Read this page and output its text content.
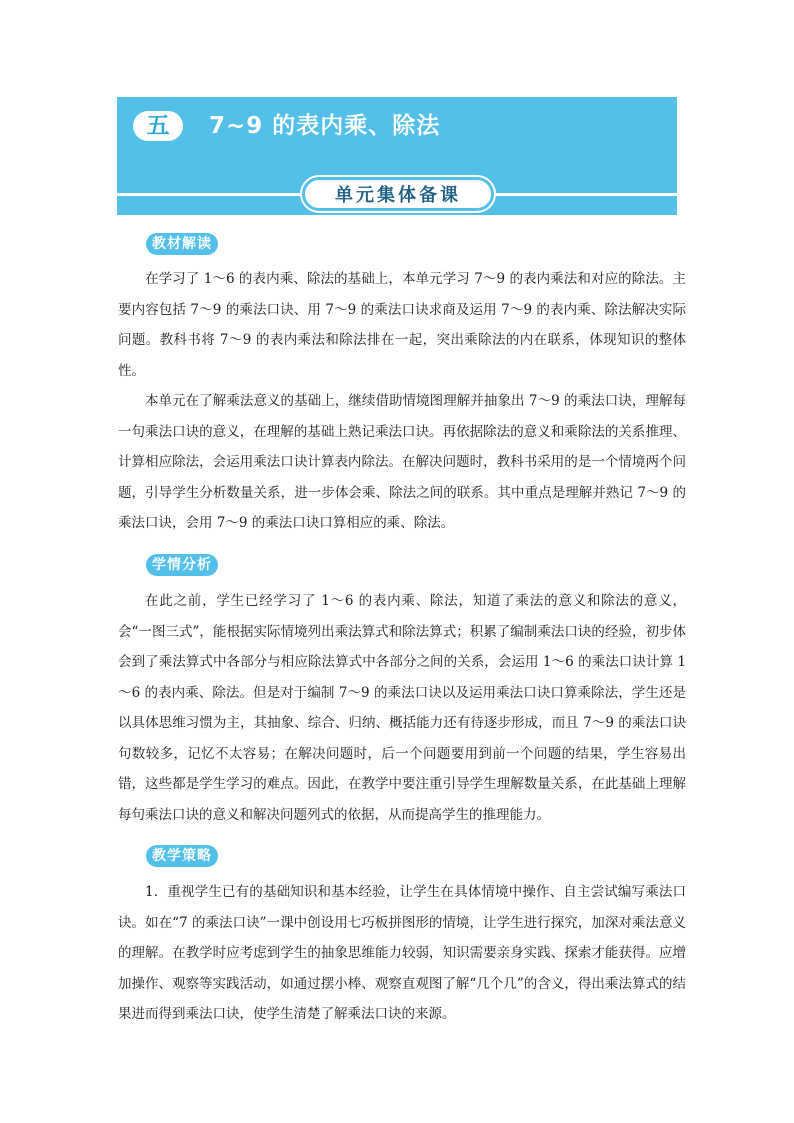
五	7~9 的表内乘、除法
单元集体备课
教材解读

在学习了 1～6 的表内乘、除法的基础上，本单元学习 7～9 的表内乘法和对应的除法。主要内容包括 7～9 的乘法口诀、用 7～9 的乘法口诀求商及运用 7～9 的表内乘、除法解决实际问题。教科书将 7～9 的表内乘法和除法排在一起，突出乘除法的内在联系，体现知识的整体性。

本单元在了解乘法意义的基础上，继续借助情境图理解并抽象出 7～9 的乘法口诀，理解每一句乘法口诀的意义，在理解的基础上熟记乘法口诀。再依据除法的意义和乘除法的关系推理、计算相应除法，会运用乘法口诀计算表内除法。在解决问题时，教科书采用的是一个情境两个问题，引导学生分析数量关系，进一步体会乘、除法之间的联系。其中重点是理解并熟记 7～9 的乘法口诀，会用 7～9 的乘法口诀口算相应的乘、除法。

学情分析

在此之前，学生已经学习了 1～6 的表内乘、除法，知道了乘法的意义和除法的意义，会“一图三式”，能根据实际情境列出乘法算式和除法算式；积累了编制乘法口诀的经验，初步体会到了乘法算式中各部分与相应除法算式中各部分之间的关系，会运用 1～6 的乘法口诀计算 1～6 的表内乘、除法。但是对于编制 7～9 的乘法口诀以及运用乘法口诀口算乘除法，学生还是以具体思维习惯为主，其抽象、综合、归纳、概括能力还有待逐步形成，而且 7～9 的乘法口诀句数较多，记忆不太容易；在解决问题时，后一个问题要用到前一个问题的结果，学生容易出错，这些都是学生学习的难点。因此，在教学中要注重引导学生理解数量关系，在此基础上理解每句乘法口诀的意义和解决问题列式的依据，从而提高学生的推理能力。

教学策略

1．重视学生已有的基础知识和基本经验，让学生在具体情境中操作、自主尝试编写乘法口诀。如在“7 的乘法口诀”一课中创设用七巧板拼图形的情境，让学生进行探究，加深对乘法意义的理解。在教学时应考虑到学生的抽象思维能力较弱，知识需要亲身实践、探索才能获得。应增加操作、观察等实践活动，如通过摆小棒、观察直观图了解“几个几”的含义，得出乘法算式的结果进而得到乘法口诀，使学生清楚了解乘法口诀的来源。
